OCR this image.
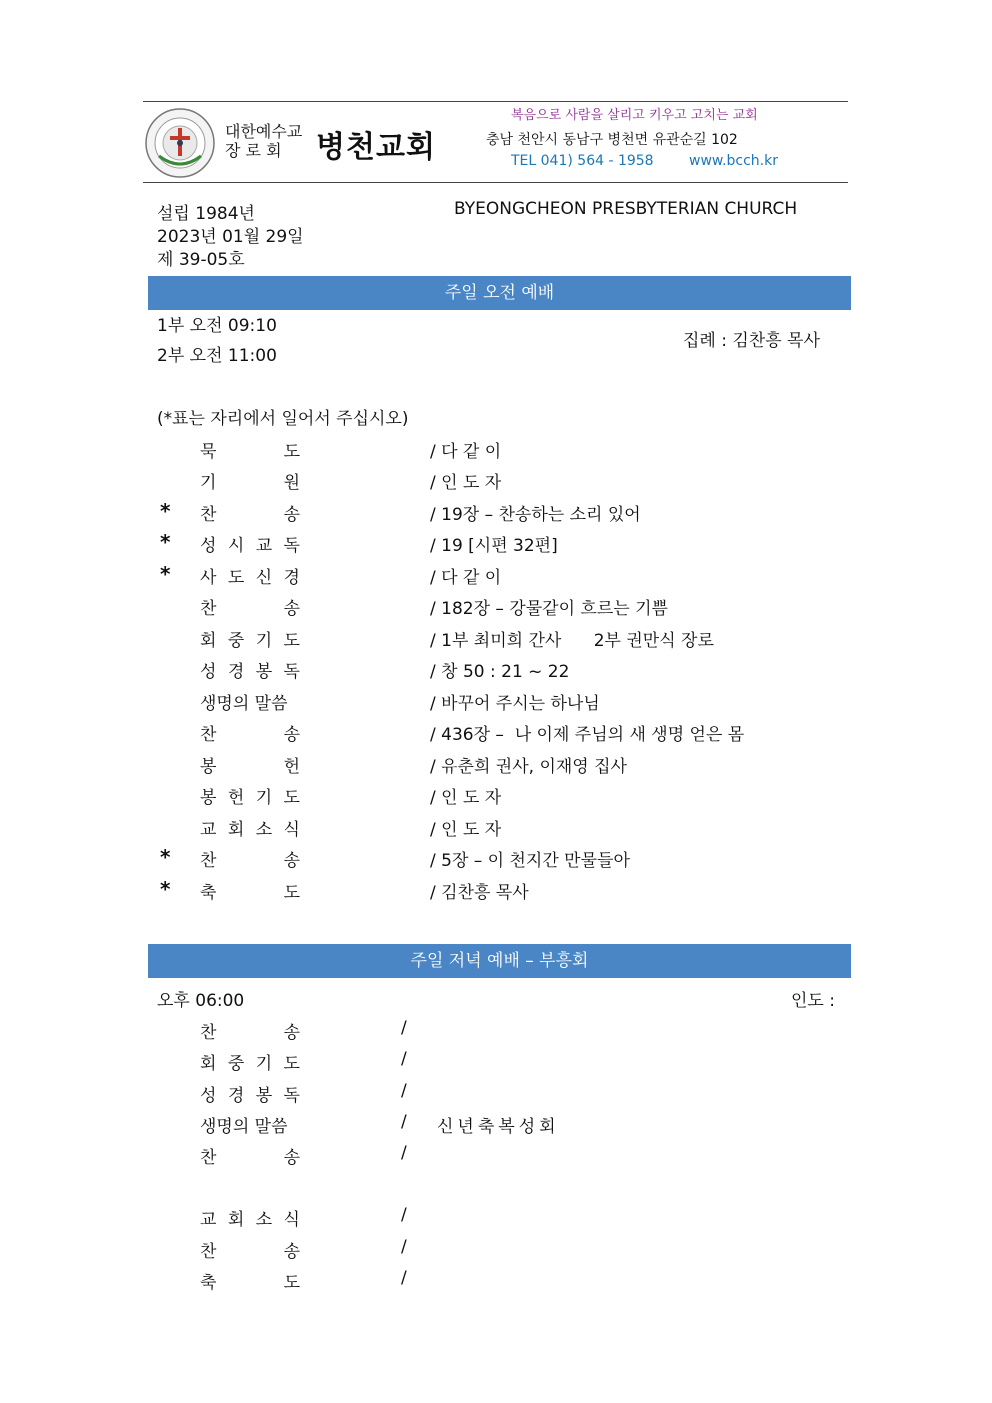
대한예수교
장 로 회	병천교회
복음으로 사람을 살리고 키우고 고치는 교회
충남 천안시 동남구 병천면 유관순길 102
TEL 041) 564 - 1958	www.bcch.kr
설립 1984년
2023년 01월 29일
제 39-05호
BYEONGCHEON PRESBYTERIAN CHURCH
주일 오전 예배
1부 오전 09:10
2부 오전 11:00
집례 : 김찬흥 목사
(*표는 자리에서 일어서 주십시오)
묵	도	/ 다 같 이
기	원	/ 인 도 자
* 찬	송	/ 19장 – 찬송하는 소리 있어
* 성 시 교 독	/ 19 [시편 32편]
* 사 도 신 경	/ 다 같 이
찬	송	/ 182장 – 강물같이 흐르는 기쁨
회 중 기 도	/ 1부 최미희 간사      2부 권만식 장로
성 경 봉 독	/ 창 50 : 21 ~ 22
생명의 말씀	/ 바꾸어 주시는 하나님
찬	송	/ 436장 –  나 이제 주님의 새 생명 얻은 몸
봉	헌	/ 유춘희 권사, 이재영 집사
봉 헌 기 도	/ 인 도 자
교 회 소 식	/ 인 도 자
* 찬	송	/ 5장 – 이 천지간 만물들아
* 축	도	/ 김찬흥 목사
주일 저녁 예배 – 부흥회
오후 06:00	인도 :
찬	송	/
회 중 기 도	/
성 경 봉 독	/
생명의 말씀	/ 신년축복성회
찬	송	/
교 회 소 식	/
찬	송	/
축	도	/
